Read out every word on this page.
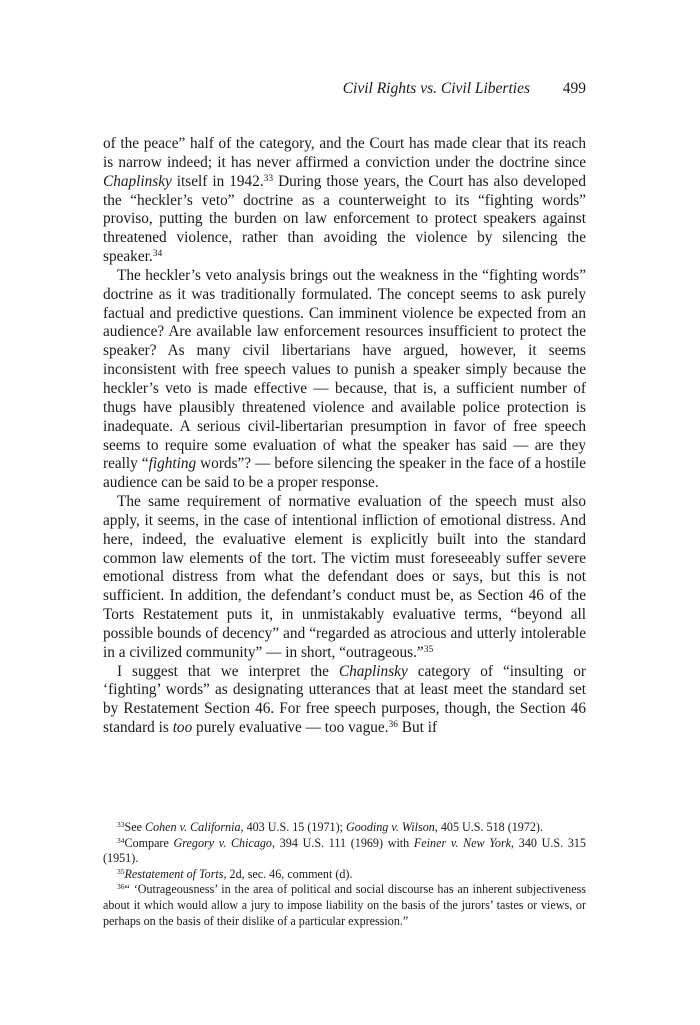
Civil Rights vs. Civil Liberties 499

of the peace” half of the category, and the Court has made clear that its reach is narrow indeed; it has never affirmed a conviction under the doctrine since Chaplinsky itself in 1942.33 During those years, the Court has also developed the “heckler’s veto” doctrine as a counterweight to its “fighting words” proviso, putting the burden on law enforcement to protect speakers against threatened violence, rather than avoiding the violence by silencing the speaker.$^{34}$

The heckler’s veto analysis brings out the weakness in the “fighting words” doctrine as it was traditionally formulated. The concept seems to ask purely factual and predictive questions. Can imminent violence be expected from an audience? Are available law enforcement resources insufficient to protect the speaker? As many civil libertarians have argued, however, it seems inconsistent with free speech values to punish a speaker simply because the heckler’s veto is made effective — because, that is, a sufficient number of thugs have plausibly threatened violence and available police protection is inadequate. A serious civil-libertarian presumption in favor of free speech seems to require some evaluation of what the speaker has said — are they really “fighting words”? — before silencing the speaker in the face of a hostile audience can be said to be a proper response.

The same requirement of normative evaluation of the speech must also apply, it seems, in the case of intentional infliction of emotional distress. And here, indeed, the evaluative element is explicitly built into the standard common law elements of the tort. The victim must foreseeably suffer severe emotional distress from what the defendant does or says, but this is not sufficient. In addition, the defendant’s conduct must be, as Section 46 of the Torts Restatement puts it, in unmistakably evaluative terms, “beyond all possible bounds of decency” and “regarded as atrocious and utterly intolerable in a civilized community” — in short, “outrageous.”$^{35}$

I suggest that we interpret the Chaplinsky category of “insulting or ‘fighting’ words” as designating utterances that at least meet the standard set by Restatement Section 46. For free speech purposes, though, the Section 46 standard is too purely evaluative — too vague.$^{36}$ But if

$^{33}$See Cohen v. California, 403 U.S. 15 (1971); Gooding v. Wilson, 405 U.S. 518 (1972).

$^{34}$Compare Gregory v. Chicago, 394 U.S. 111 (1969) with Feiner v. New York, 340 U.S. 315 (1951).

$^{35}$Restatement of Torts, 2d, sec. 46, comment (d).

$^{36}$“ ‘Outrageousness’ in the area of political and social discourse has an inherent subjectiveness about it which would allow a jury to impose liability on the basis of the jurors’ tastes or views, or perhaps on the basis of their dislike of a particular expression.”
